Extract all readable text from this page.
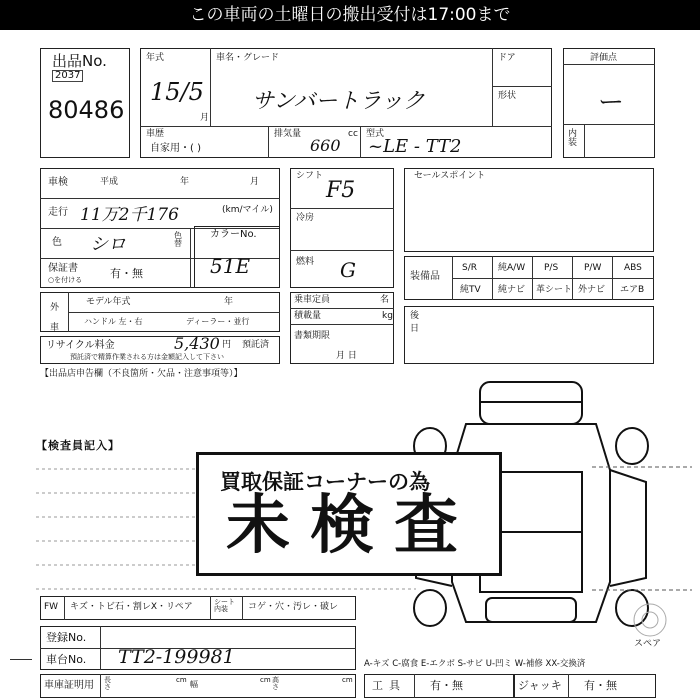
この車両の土曜日の搬出受付は17:00まで
出品No.
2037
80486
年式
15/5
月
車名・グレード
サンバートラック
ドア
形状
車歴
自家用・( )
排気量
660
cc 型式
~LE - TT2
評価点
ー
内装
車検	平成	年	月
走行 11万2千176	(km/マイル)
色 シロ	色替
保証書
○を付ける	有・無
カラーNo.
51E
シフト
F5
冷房
燃料 G
セールスポイント
装備品
S/R 純A/W P/S	P/W	ABS
純TV 純ナビ 革シート 外ナビ エアB
外車
モデル年式	年
ハンドル 左・右	ディーラー・並行
乗車定員	名
積載量	kg
書類期限
月 日
リサイクル料金	5,430 円 預託済
預託済で精算作業される方は金額記入して下さい
後日
【出品店申告欄（不良箇所・欠品・注意事項等）】
【検査員記入】
スペア
買取保証コーナーの為
未検査
FW キズ・トビ石・割レX・リペア	シート内装	コゲ・穴・汚レ・破レ
登録No.
車台No. TT2-199981
車庫証明用 長さ
cm 幅	cm 高さ
cm
A-キズ C-腐食 E-エクボ S-サビ U-凹ミ W-補修 XX-交換済
工具 有・無	ジャッキ 有・無
